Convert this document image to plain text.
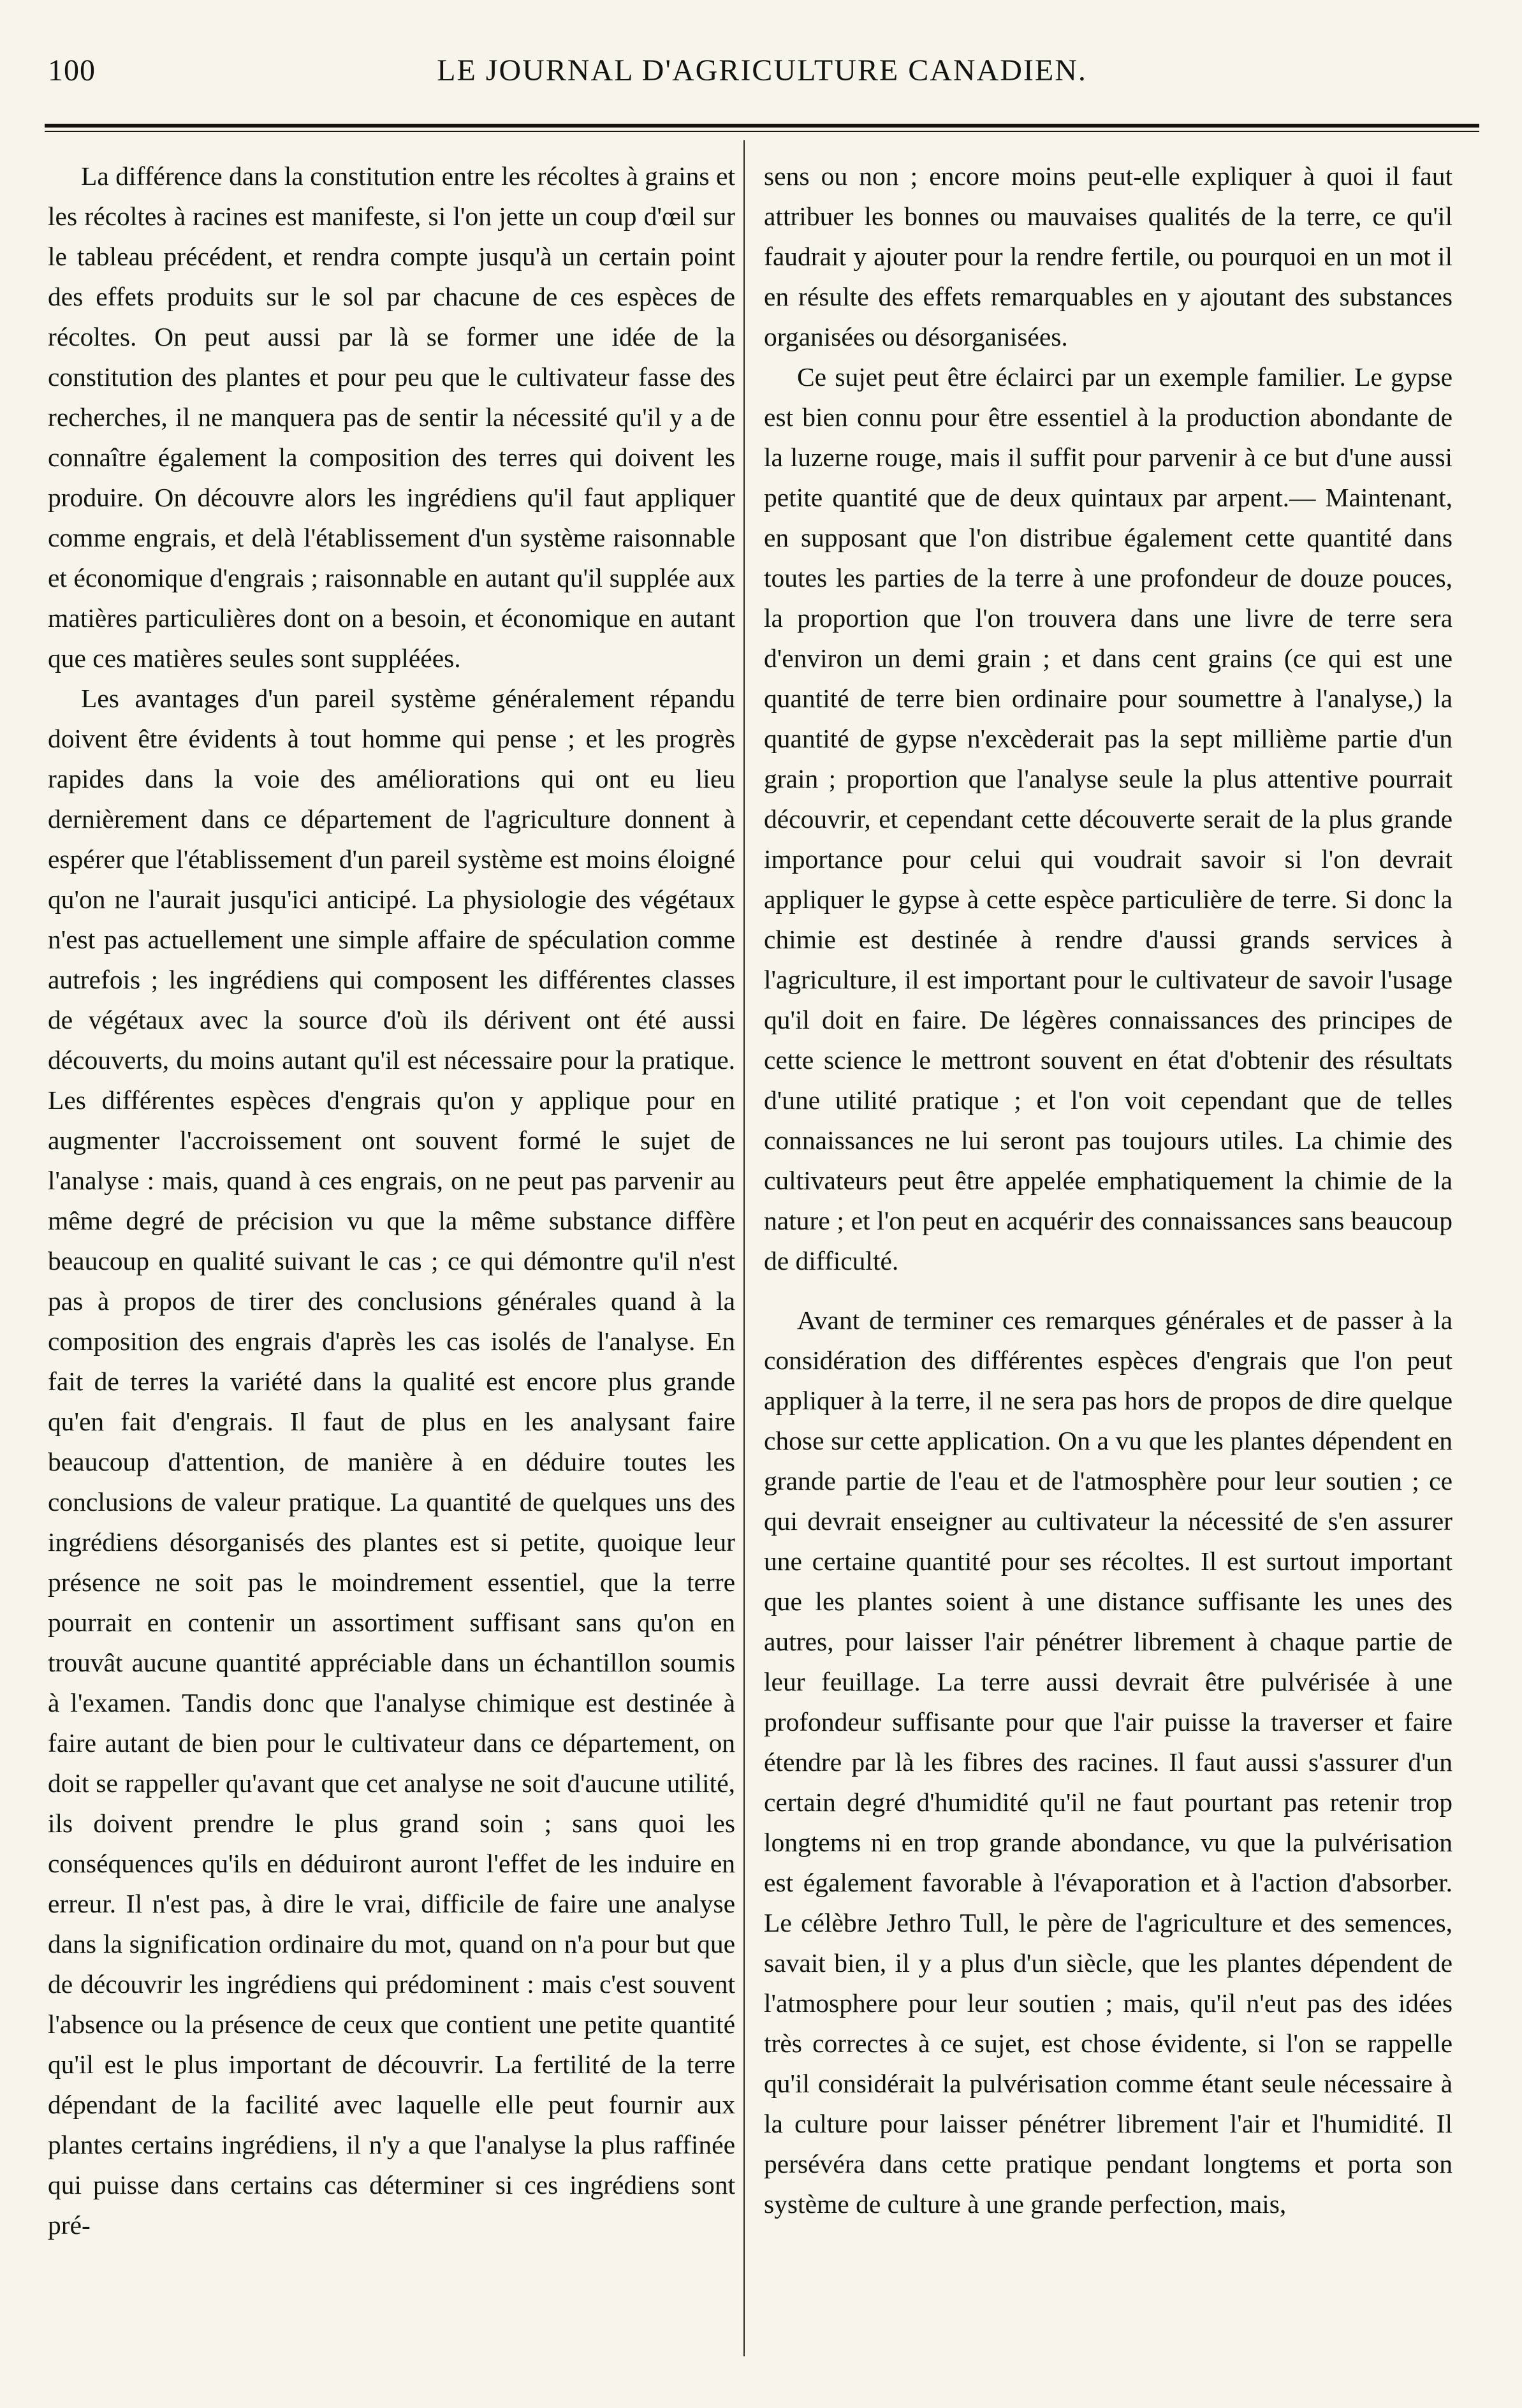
100	LE JOURNAL D'AGRICULTURE CANADIEN.

La différence dans la constitution entre les récoltes à grains et les récoltes à racines est manifeste, si l'on jette un coup d'œil sur le tableau précédent, et rendra compte jusqu'à un certain point des effets produits sur le sol par chacune de ces espèces de récoltes. On peut aussi par là se former une idée de la constitution des plantes et pour peu que le cultivateur fasse des recherches, il ne manquera pas de sentir la nécessité qu'il y a de connaître également la composition des terres qui doivent les produire. On découvre alors les ingrédiens qu'il faut appliquer comme engrais, et delà l'établissement d'un système raisonnable et économique d'engrais ; raisonnable en autant qu'il supplée aux matières particulières dont on a besoin, et économique en autant que ces matières seules sont suppléées.

Les avantages d'un pareil système généralement répandu doivent être évidents à tout homme qui pense ; et les progrès rapides dans la voie des améliorations qui ont eu lieu dernièrement dans ce département de l'agriculture donnent à espérer que l'établissement d'un pareil système est moins éloigné qu'on ne l'aurait jusqu'ici anticipé. La physiologie des végétaux n'est pas actuellement une simple affaire de spéculation comme autrefois ; les ingrédiens qui composent les différentes classes de végétaux avec la source d'où ils dérivent ont été aussi découverts, du moins autant qu'il est nécessaire pour la pratique. Les différentes espèces d'engrais qu'on y applique pour en augmenter l'accroissement ont souvent formé le sujet de l'analyse : mais, quand à ces engrais, on ne peut pas parvenir au même degré de précision vu que la même substance diffère beaucoup en qualité suivant le cas ; ce qui démontre qu'il n'est pas à propos de tirer des conclusions générales quand à la composition des engrais d'après les cas isolés de l'analyse. En fait de terres la variété dans la qualité est encore plus grande qu'en fait d'engrais. Il faut de plus en les analysant faire beaucoup d'attention, de manière à en déduire toutes les conclusions de valeur pratique. La quantité de quelques uns des ingrédiens désorganisés des plantes est si petite, quoique leur présence ne soit pas le moindrement essentiel, que la terre pourrait en contenir un assortiment suffisant sans qu'on en trouvât aucune quantité appréciable dans un échantillon soumis à l'examen. Tandis donc que l'analyse chimique est destinée à faire autant de bien pour le cultivateur dans ce département, on doit se rappeller qu'avant que cet analyse ne soit d'aucune utilité, ils doivent prendre le plus grand soin ; sans quoi les conséquences qu'ils en déduiront auront l'effet de les induire en erreur. Il n'est pas, à dire le vrai, difficile de faire une analyse dans la signification ordinaire du mot, quand on n'a pour but que de découvrir les ingrédiens qui prédominent : mais c'est souvent l'absence ou la présence de ceux que contient une petite quantité qu'il est le plus important de découvrir. La fertilité de la terre dépendant de la facilité avec laquelle elle peut fournir aux plantes certains ingrédiens, il n'y a que l'analyse la plus raffinée qui puisse dans certains cas déterminer si ces ingrédiens sont pré-

sens ou non ; encore moins peut-elle expliquer à quoi il faut attribuer les bonnes ou mauvaises qualités de la terre, ce qu'il faudrait y ajouter pour la rendre fertile, ou pourquoi en un mot il en résulte des effets remarquables en y ajoutant des substances organisées ou désorganisées.

Ce sujet peut être éclairci par un exemple familier. Le gypse est bien connu pour être essentiel à la production abondante de la luzerne rouge, mais il suffit pour parvenir à ce but d'une aussi petite quantité que de deux quintaux par arpent.— Maintenant, en supposant que l'on distribue également cette quantité dans toutes les parties de la terre à une profondeur de douze pouces, la proportion que l'on trouvera dans une livre de terre sera d'environ un demi grain ; et dans cent grains (ce qui est une quantité de terre bien ordinaire pour soumettre à l'analyse,) la quantité de gypse n'excèderait pas la sept millième partie d'un grain ; proportion que l'analyse seule la plus attentive pourrait découvrir, et cependant cette découverte serait de la plus grande importance pour celui qui voudrait savoir si l'on devrait appliquer le gypse à cette espèce particulière de terre. Si donc la chimie est destinée à rendre d'aussi grands services à l'agriculture, il est important pour le cultivateur de savoir l'usage qu'il doit en faire. De légères connaissances des principes de cette science le mettront souvent en état d'obtenir des résultats d'une utilité pratique ; et l'on voit cependant que de telles connaissances ne lui seront pas toujours utiles. La chimie des cultivateurs peut être appelée emphatiquement la chimie de la nature ; et l'on peut en acquérir des connaissances sans beaucoup de difficulté.

Avant de terminer ces remarques générales et de passer à la considération des différentes espèces d'engrais que l'on peut appliquer à la terre, il ne sera pas hors de propos de dire quelque chose sur cette application. On a vu que les plantes dépendent en grande partie de l'eau et de l'atmosphère pour leur soutien ; ce qui devrait enseigner au cultivateur la nécessité de s'en assurer une certaine quantité pour ses récoltes. Il est surtout important que les plantes soient à une distance suffisante les unes des autres, pour laisser l'air pénétrer librement à chaque partie de leur feuillage. La terre aussi devrait être pulvérisée à une profondeur suffisante pour que l'air puisse la traverser et faire étendre par là les fibres des racines. Il faut aussi s'assurer d'un certain degré d'humidité qu'il ne faut pourtant pas retenir trop longtems ni en trop grande abondance, vu que la pulvérisation est également favorable à l'évaporation et à l'action d'absorber. Le célèbre Jethro Tull, le père de l'agriculture et des semences, savait bien, il y a plus d'un siècle, que les plantes dépendent de l'atmosphere pour leur soutien ; mais, qu'il n'eut pas des idées très correctes à ce sujet, est chose évidente, si l'on se rappelle qu'il considérait la pulvérisation comme étant seule nécessaire à la culture pour laisser pénétrer librement l'air et l'humidité. Il persévéra dans cette pratique pendant longtems et porta son système de culture à une grande perfection, mais,
